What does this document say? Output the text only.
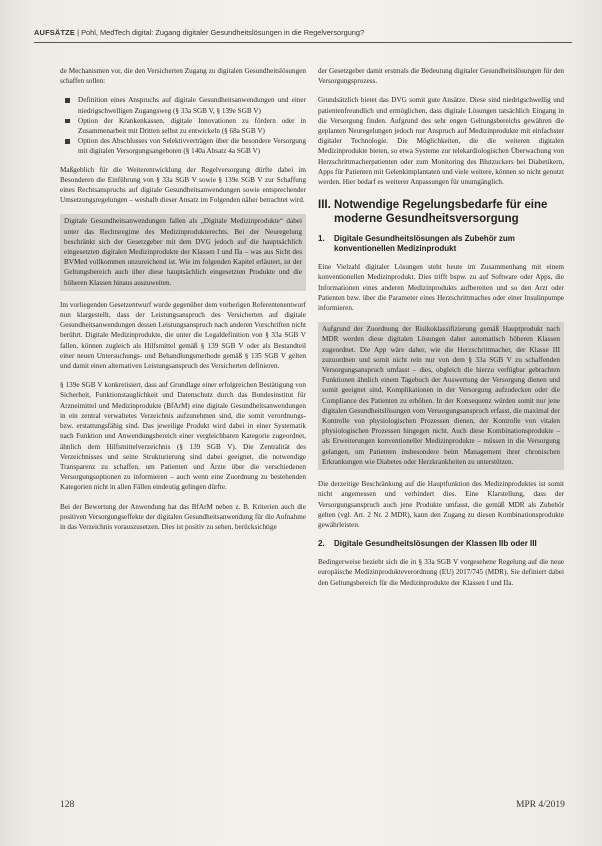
AUFSÄTZE | Pohl, MedTech digital: Zugang digitaler Gesundheitslösungen in die Regelversorgung?

de Mechanismen vor, die den Versicherten Zugang zu digitalen Gesundheitslösungen schaffen sollen:

Definition eines Anspruchs auf digitale Gesundheitsanwendungen und einer niedrigschwelligen Zugangsweg (§ 33a SGB V, § 139e SGB V)
Option der Krankenkassen, digitale Innovationen zu fördern oder in Zusammenarbeit mit Dritten selbst zu entwickeln (§ 68a SGB V)
Option des Abschlusses von Selektivverträgen über die besondere Versorgung mit digitalen Versorgungsangeboten (§ 140a Absatz 4a SGB V)

Maßgeblich für die Weiterentwicklung der Regelversorgung dürfte dabei im Besonderen die Einführung von § 33a SGB V sowie § 139e SGB V zur Schaffung eines Rechtsanspruchs auf digitale Gesundheitsanwendungen sowie entsprechender Umsetzungsregelungen – weshalb dieser Ansatz im Folgenden näher betrachtet wird.

Digitale Gesundheitsanwendungen fallen als „Digitale Medizinprodukte“ dabei unter das Rechtsregime des Medizinprodukterechts. Bei der Neuregelung beschränkt sich der Gesetzgeber mit dem DVG jedoch auf die hauptsächlich eingesetzten digitalen Medizinprodukte der Klassen I und IIa – was aus Sicht des BVMed vollkommen unzureichend ist. Wie im folgenden Kapitel erläutert, ist der Geltungsbereich auch über diese hauptsächlich eingesetzten Produkte und die höheren Klassen hinaus auszuweiten.

Im vorliegenden Gesetzentwurf wurde gegenüber dem vorherigen Referentenentwurf nun klargestellt, dass der Leistungsanspruch des Versicherten auf digitale Gesundheitsanwendungen dessen Leistungsanspruch nach anderen Vorschriften nicht berührt. Digitale Medizinprodukte, die unter die Legaldefinition von § 33a SGB V fallen, können zugleich als Hilfsmittel gemäß § 139 SGB V oder als Bestandteil einer neuen Untersuchungs- und Behandlungsmethode gemäß § 135 SGB V gelten und damit einen alternativen Leistungsanspruch des Versicherten definieren.

§ 139e SGB V konkretisiert, dass auf Grundlage einer erfolgreichen Bestätigung von Sicherheit, Funktionstauglichkeit und Datenschutz durch das Bundesinstitut für Arzneimittel und Medizinprodukte (BfArM) eine digitale Gesundheitsanwendungen in ein zentral verwaltetes Verzeichnis aufzunehmen sind, die somit verordnungs- bzw. erstattungsfähig sind. Das jeweilige Produkt wird dabei in einer Systematik nach Funktion und Anwendungsbereich einer vergleichbaren Kategorie zugeordnet, ähnlich dem Hilfsmittelverzeichnis (§ 139 SGB V). Die Zentralität des Verzeichnisses und seine Strukturierung sind dabei geeignet, die notwendige Transparenz zu schaffen, um Patienten und Ärzte über die verschiedenen Versorgungsoptionen zu informieren – auch wenn eine Zuordnung zu bestehenden Kategorien nicht in allen Fällen eindeutig gelingen dürfte.

Bei der Bewertung der Anwendung hat das BfArM neben z. B. Kriterien auch die positiven Versorgungseffekte der digitalen Gesundheitsanwendung für die Aufnahme in das Verzeichnis vorauszusetzen. Dies ist positiv zu sehen, berücksichtige

der Gesetzgeber damit erstmals die Bedeutung digitaler Gesundheitslösungen für den Versorgungsprozess.

Grundsätzlich bietet das DVG somit gute Ansätze. Diese sind niedrigschwellig und patientenfreundlich und ermöglichen, dass digitale Lösungen tatsächlich Eingang in die Versorgung finden. Aufgrund des sehr engen Geltungsbereichs gewähren die geplanten Neuregelungen jedoch nur Anspruch auf Medizinprodukte mit einfachster digitaler Technologie. Die Möglichkeiten, die die weiteren digitalen Medizinprodukte bieten, so etwa Systeme zur telekardiologischen Überwachung von Herzschrittmacherpatienten oder zum Monitoring des Blutzuckers bei Diabetikern, Apps für Patienten mit Gelenkimplantaten und viele weitere, können so nicht genutzt werden. Hier bedarf es weiterer Anpassungen für unumgänglich.

III. Notwendige Regelungsbedarfe für eine moderne Gesundheitsversorgung
1.	Digitale Gesundheitslösungen als Zubehör zum konventionellen Medizinprodukt

Eine Vielzahl digitaler Lösungen steht heute im Zusammenhang mit einem konventionellen Medizinprodukt. Dies trifft bspw. zu auf Software oder Apps, die Informationen eines anderen Medizinprodukts aufbereiten und so den Arzt oder Patienten bzw. über die Parameter eines Herzschrittmaches oder einer Insulinpumpe informieren.

Aufgrund der Zuordnung der Risikoklassifizierung gemäß Hauptprodukt nach MDR werden diese digitalen Lösungen daher automatisch höheren Klassen zugeordnet. Die App wäre daher, wie die Herzschrittmacher, der Klasse III zuzuordnen und somit nicht rein nur von dem § 33a SGB V zu schaffenden Versorgungsanspruch umfasst – dies, obgleich die hierzu verfügbar gebrachten Funktionen ähnlich einem Tagebuch der Auswertung der Versorgung dienen und somit geeignet sind, Komplikationen in der Versorgung aufzudecken oder die Compliance des Patienten zu erhöhen. In der Konsequenz würden somit nur jene digitalen Gesundheitslösungen vom Versorgungsanspruch erfasst, die maximal der Kontrolle von physiologischen Prozessen dienen, der Kontrolle von vitalen physiologischen Prozessen hingegen nicht. Auch diese Kombinationsprodukte – als Erweiterungen konventioneller Medizinprodukte – müssen in die Versorgung gelangen, um Patienten insbesondere beim Management ihrer chronischen Erkrankungen wie Diabetes oder Herzkrankheiten zu unterstützen.

Die derzeitige Beschränkung auf die Hauptfunktion des Medizinproduktes ist somit nicht angemessen und verhindert dies. Eine Klarstellung, dass der Versorgungsanspruch auch jene Produkte umfasst, die gemäß MDR als Zubehör gelten (vgl. Art. 2 Nr. 2 MDR), kann den Zugang zu diesen Kombinationsprodukte gewährleisten.

2.	Digitale Gesundheitslösungen der Klassen IIb oder III

Bedingerweise bezieht sich die in § 33a SGB V vorgesehene Regelung auf die neue europäische Medizinprodukteverordnung (EU) 2017/745 (MDR). Sie definiert dabei den Geltungsbereich für die Medizinprodukte der Klassen I und IIa.

128	MPR 4/2019
